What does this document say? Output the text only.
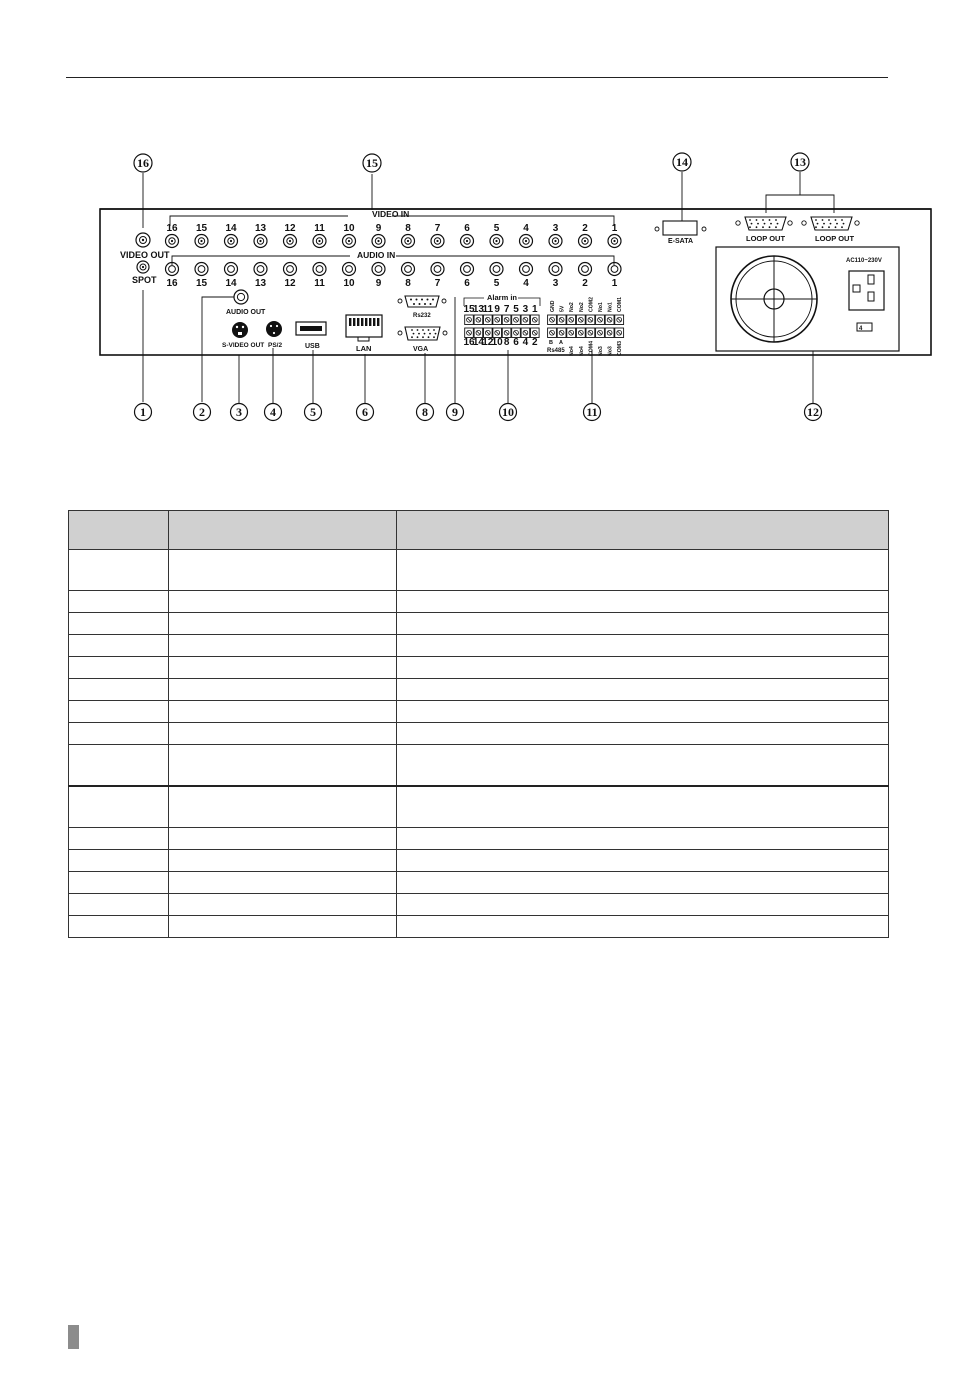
VIDEO IN
AUDIO IN
16 15 14 13 12 11 10 9 8 7 6 5 4 3 2 1
16 15 14 13 12 11 10 9 8 7 6 5 4 3 2 1
VIDEO OUT
SPOT
AUDIO OUT
S-VIDEO OUT PS/2	USB	LAN
Rs232
VGA
Alarm in
15
13
11 9 7 5 3 1
16
14
12
10 8 6 4 2
GND 5V No2 No2 COM2 No1 No1 COM1
B A
Rs485 No4 No4 COM4 No3 No3 COM3
E-SATA	LOOP OUT	LOOP OUT
AC110~230V
4
16	15	14	13
1	2	3 4	5	6	8 9	10	11	12
